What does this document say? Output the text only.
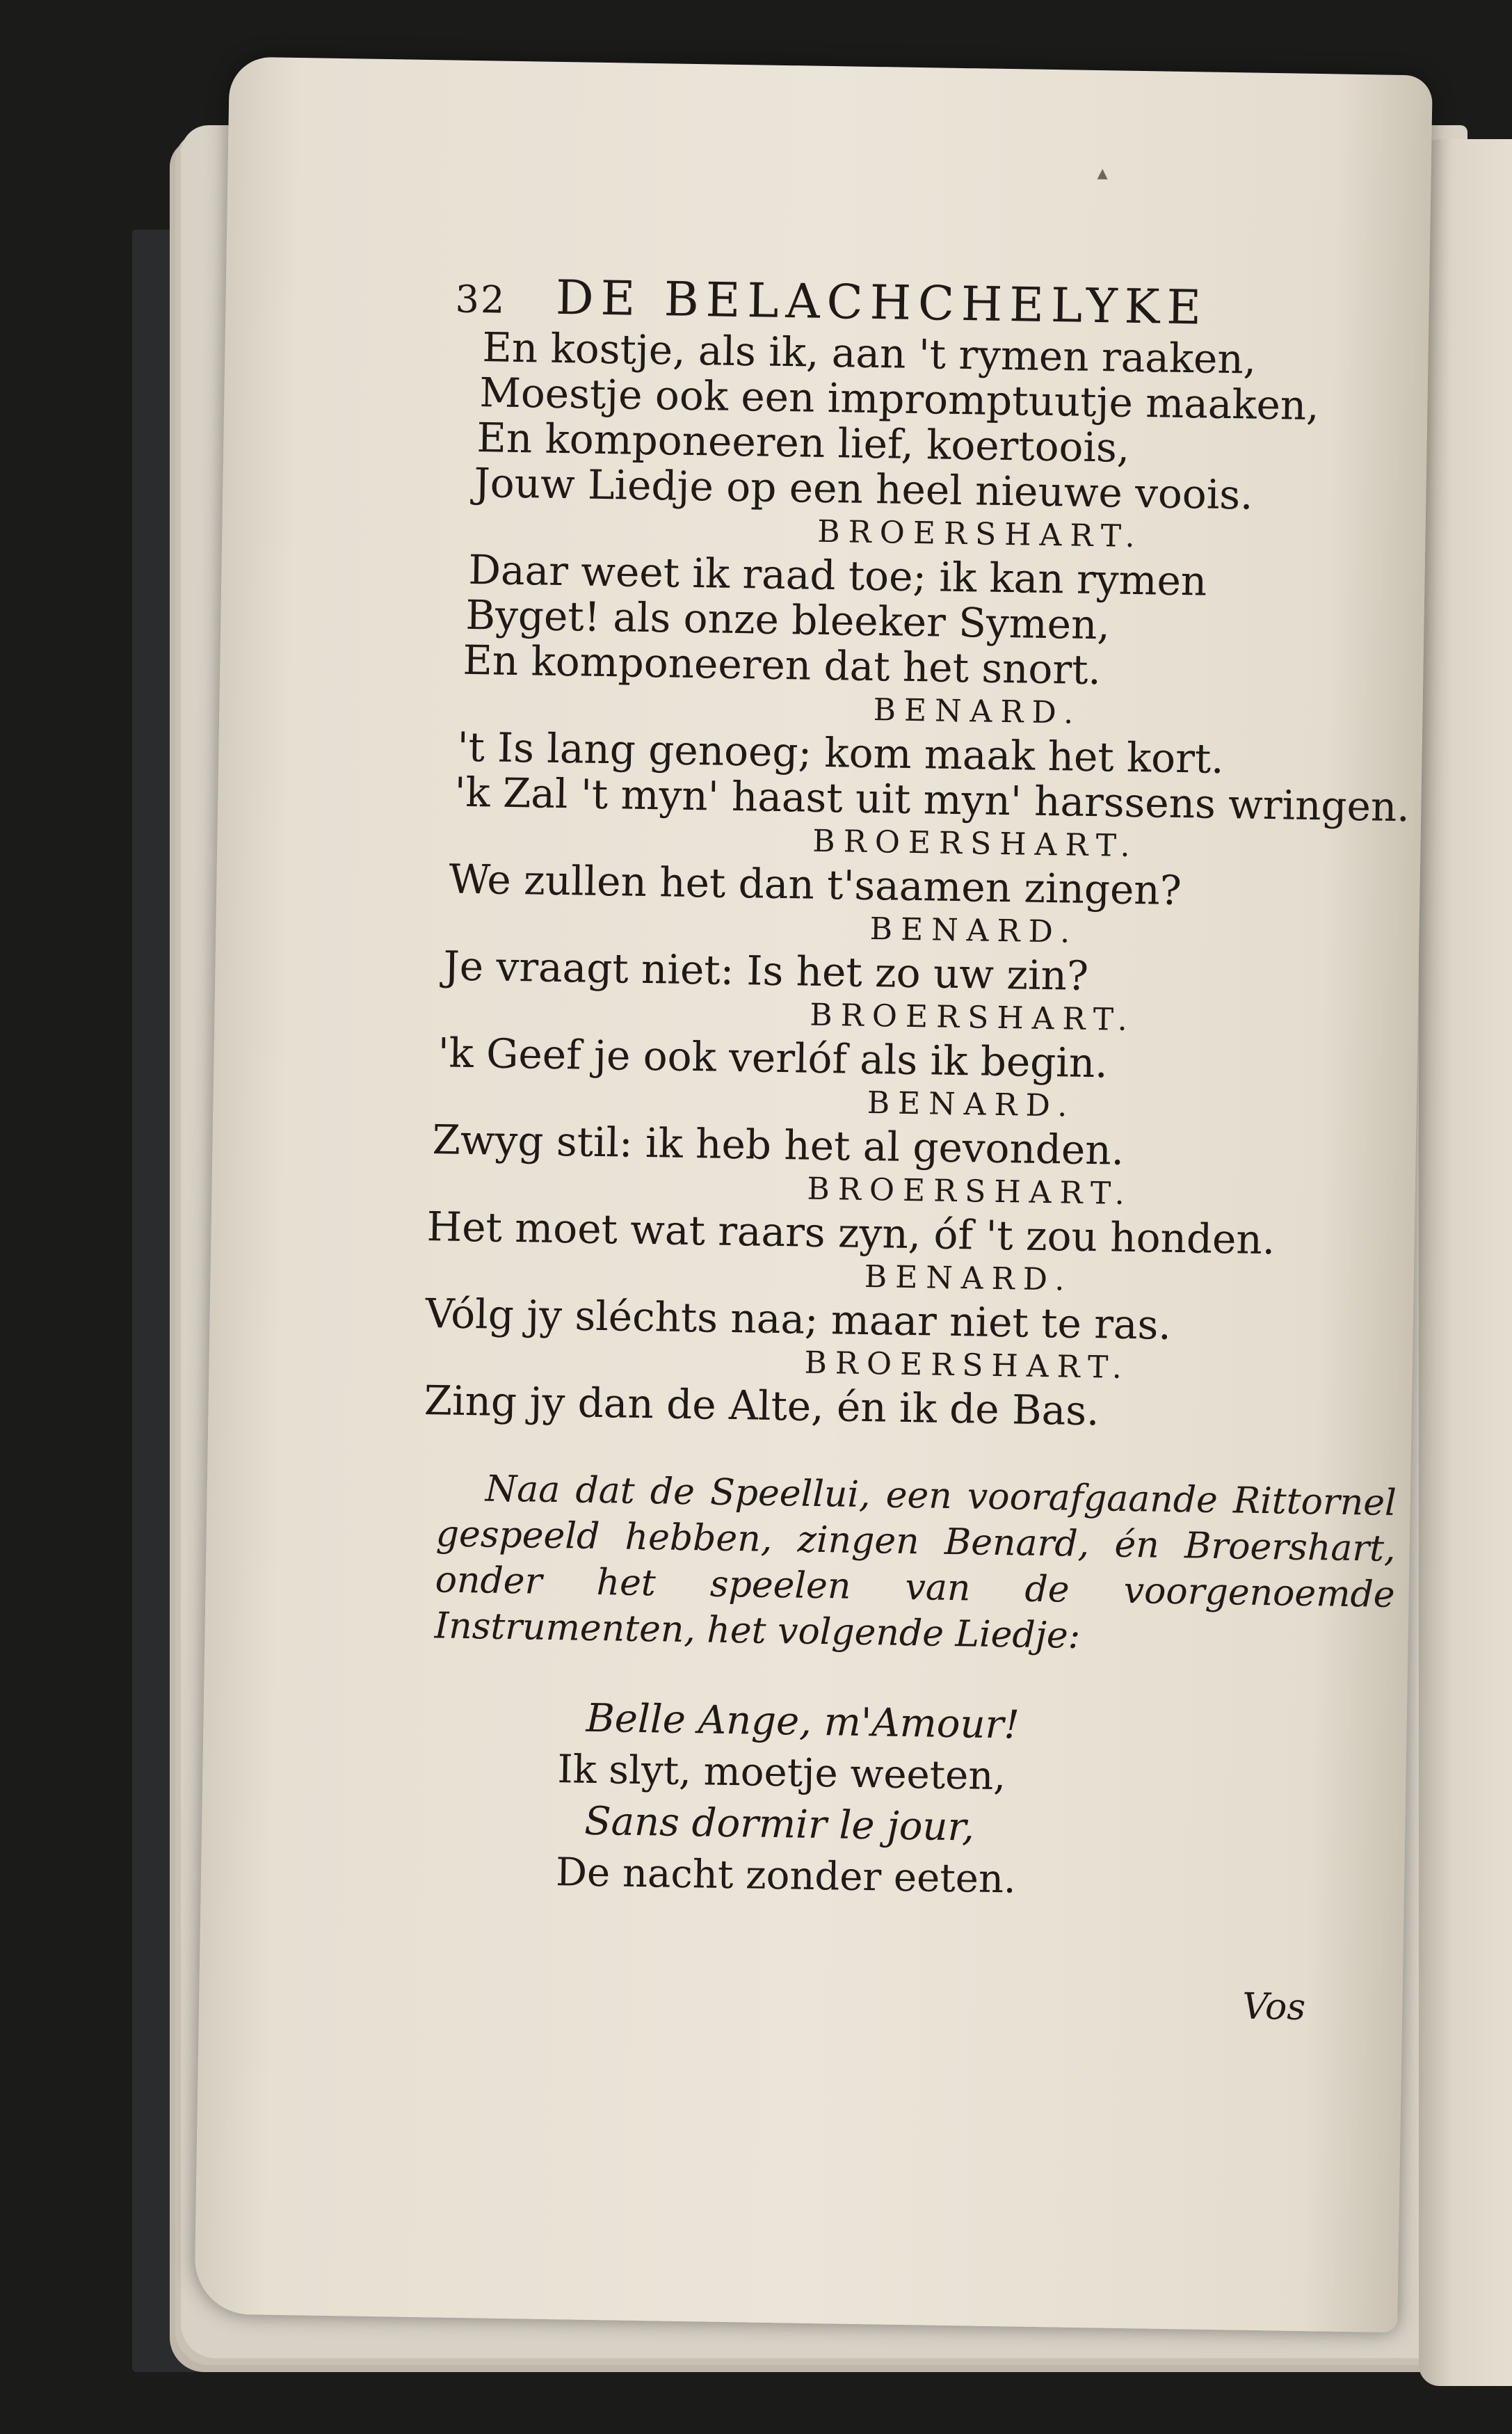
▴
32 DE BELACHCHELYKE
En kostje, als ik, aan 't rymen raaken,
Moestje ook een impromptuutje maaken,
En komponeeren lief, koertoois,
Jouw Liedje op een heel nieuwe voois.
BROERSHART.
Daar weet ik raad toe; ik kan rymen
Byget! als onze bleeker Symen,
En komponeeren dat het snort.
BENARD.
't Is lang genoeg; kom maak het kort.
'k Zal 't myn' haast uit myn' harssens wringen.
BROERSHART.
We zullen het dan t'saamen zingen?
BENARD.
Je vraagt niet: Is het zo uw zin?
BROERSHART.
'k Geef je ook verlóf als ik begin.
BENARD.
Zwyg stil: ik heb het al gevonden.
BROERSHART.
Het moet wat raars zyn, óf 't zou honden.
BENARD.
Vólg jy sléchts naa; maar niet te ras.
BROERSHART.
Zing jy dan de Alte, én ik de Bas.
Naa dat de Speellui, een voorafgaande Rittornel gespeeld hebben, zingen Benard, én Broershart, onder het speelen van de voorgenoemde Instrumenten, het volgende Liedje:
Belle Ange, m'Amour!
Ik slyt, moetje weeten,
Sans dormir le jour,
De nacht zonder eeten.
Vos
